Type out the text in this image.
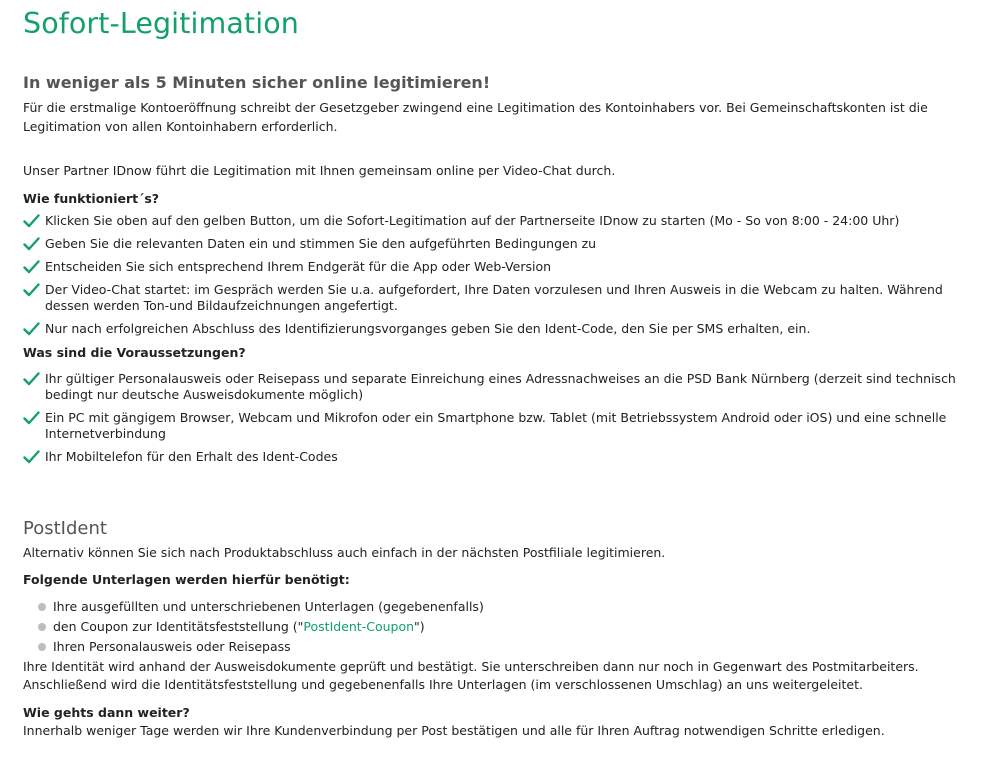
Sofort-Legitimation
In weniger als 5 Minuten sicher online legitimieren!

Für die erstmalige Kontoeröffnung schreibt der Gesetzgeber zwingend eine Legitimation des Kontoinhabers vor. Bei Gemeinschaftskonten ist die Legitimation von allen Kontoinhabern erforderlich.

Unser Partner IDnow führt die Legitimation mit Ihnen gemeinsam online per Video-Chat durch.

Wie funktioniert´s?

Klicken Sie oben auf den gelben Button, um die Sofort-Legitimation auf der Partnerseite IDnow zu starten (Mo - So von 8:00 - 24:00 Uhr)
Geben Sie die relevanten Daten ein und stimmen Sie den aufgeführten Bedingungen zu
Entscheiden Sie sich entsprechend Ihrem Endgerät für die App oder Web-Version
Der Video-Chat startet: im Gespräch werden Sie u.a. aufgefordert, Ihre Daten vorzulesen und Ihren Ausweis in die Webcam zu halten. Während dessen werden Ton-und Bildaufzeichnungen angefertigt.
Nur nach erfolgreichen Abschluss des Identifizierungsvorganges geben Sie den Ident-Code, den Sie per SMS erhalten, ein.

Was sind die Voraussetzungen?

Ihr gültiger Personalausweis oder Reisepass und separate Einreichung eines Adressnachweises an die PSD Bank Nürnberg (derzeit sind technisch bedingt nur deutsche Ausweisdokumente möglich)
Ein PC mit gängigem Browser, Webcam und Mikrofon oder ein Smartphone bzw. Tablet (mit Betriebssystem Android oder iOS) und eine schnelle Internetverbindung
Ihr Mobiltelefon für den Erhalt des Ident-Codes
PostIdent

Alternativ können Sie sich nach Produktabschluss auch einfach in der nächsten Postfiliale legitimieren.

Folgende Unterlagen werden hierfür benötigt:

Ihre ausgefüllten und unterschriebenen Unterlagen (gegebenenfalls)
den Coupon zur Identitätsfeststellung ("PostIdent-Coupon")
Ihren Personalausweis oder Reisepass

Ihre Identität wird anhand der Ausweisdokumente geprüft und bestätigt. Sie unterschreiben dann nur noch in Gegenwart des Postmitarbeiters. Anschließend wird die Identitätsfeststellung und gegebenenfalls Ihre Unterlagen (im verschlossenen Umschlag) an uns weitergeleitet.

Wie gehts dann weiter?

Innerhalb weniger Tage werden wir Ihre Kundenverbindung per Post bestätigen und alle für Ihren Auftrag notwendigen Schritte erledigen.
